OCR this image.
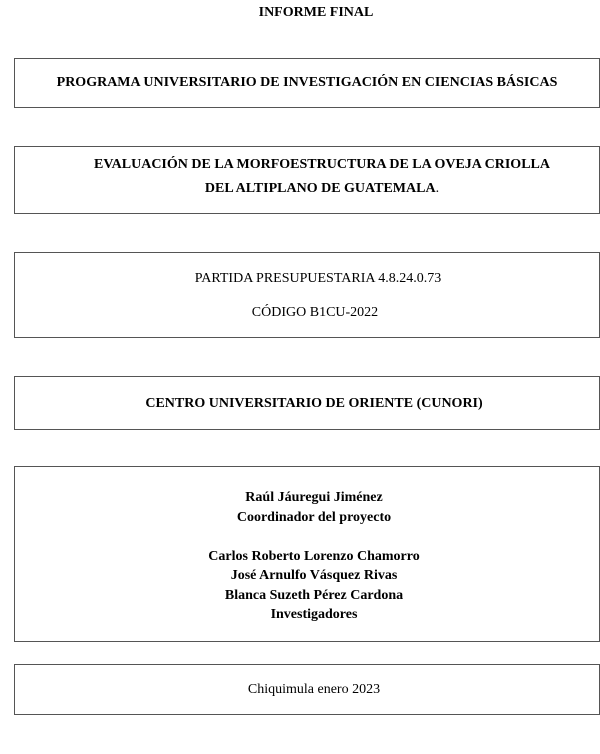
INFORME FINAL
PROGRAMA UNIVERSITARIO DE INVESTIGACIÓN EN CIENCIAS BÁSICAS
EVALUACIÓN DE LA MORFOESTRUCTURA DE LA OVEJA CRIOLLA
DEL ALTIPLANO DE GUATEMALA.
PARTIDA PRESUPUESTARIA 4.8.24.0.73
CÓDIGO B1CU-2022
CENTRO UNIVERSITARIO DE ORIENTE (CUNORI)
Raúl Jáuregui Jiménez
Coordinador del proyecto
Carlos Roberto Lorenzo Chamorro
José Arnulfo Vásquez Rivas
Blanca Suzeth Pérez Cardona
Investigadores
Chiquimula enero 2023
